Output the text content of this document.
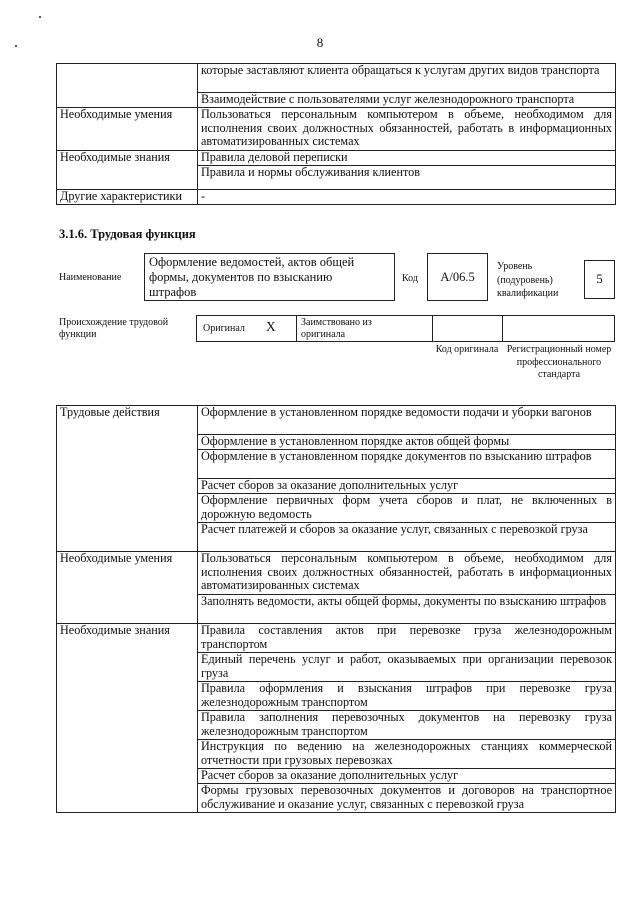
8
	которые заставляют клиента обращаться к услугам других видов транспорта
	Взаимодействие с пользователями услуг железнодорожного транспорта
Необходимые умения	Пользоваться персональным компьютером в объеме, необходимом для исполнения своих должностных обязанностей, работать в информационных автоматизированных системах
Необходимые знания	Правила деловой переписки
	Правила и нормы обслуживания клиентов
Другие характеристики	-
3.1.6. Трудовая функция
Наименование
Оформление ведомостей, актов общей формы, документов по взысканию штрафов
Код	A/06.5
Уровень (подуровень) квалификации
5
Происхождение трудовой функции	Оригинал X	Заимствовано из оригинала
Код оригинала Регистрационный номер профессионального стандарта
Трудовые действия	Оформление в установленном порядке ведомости подачи и уборки вагонов
	Оформление в установленном порядке актов общей формы
	Оформление в установленном порядке документов по взысканию штрафов
	Расчет сборов за оказание дополнительных услуг
	Оформление первичных форм учета сборов и плат, не включенных в дорожную ведомость
	Расчет платежей и сборов за оказание услуг, связанных с перевозкой груза
Необходимые умения	Пользоваться персональным компьютером в объеме, необходимом для исполнения своих должностных обязанностей, работать в информационных автоматизированных системах
	Заполнять ведомости, акты общей формы, документы по взысканию штрафов
Необходимые знания	Правила составления актов при перевозке груза железнодорожным транспортом
	Единый перечень услуг и работ, оказываемых при организации перевозок груза
	Правила оформления и взыскания штрафов при перевозке груза железнодорожным транспортом
	Правила заполнения перевозочных документов на перевозку груза железнодорожным транспортом
	Инструкция по ведению на железнодорожных станциях коммерческой отчетности при грузовых перевозках
	Расчет сборов за оказание дополнительных услуг
	Формы грузовых перевозочных документов и договоров на транспортное обслуживание и оказание услуг, связанных с перевозкой груза
